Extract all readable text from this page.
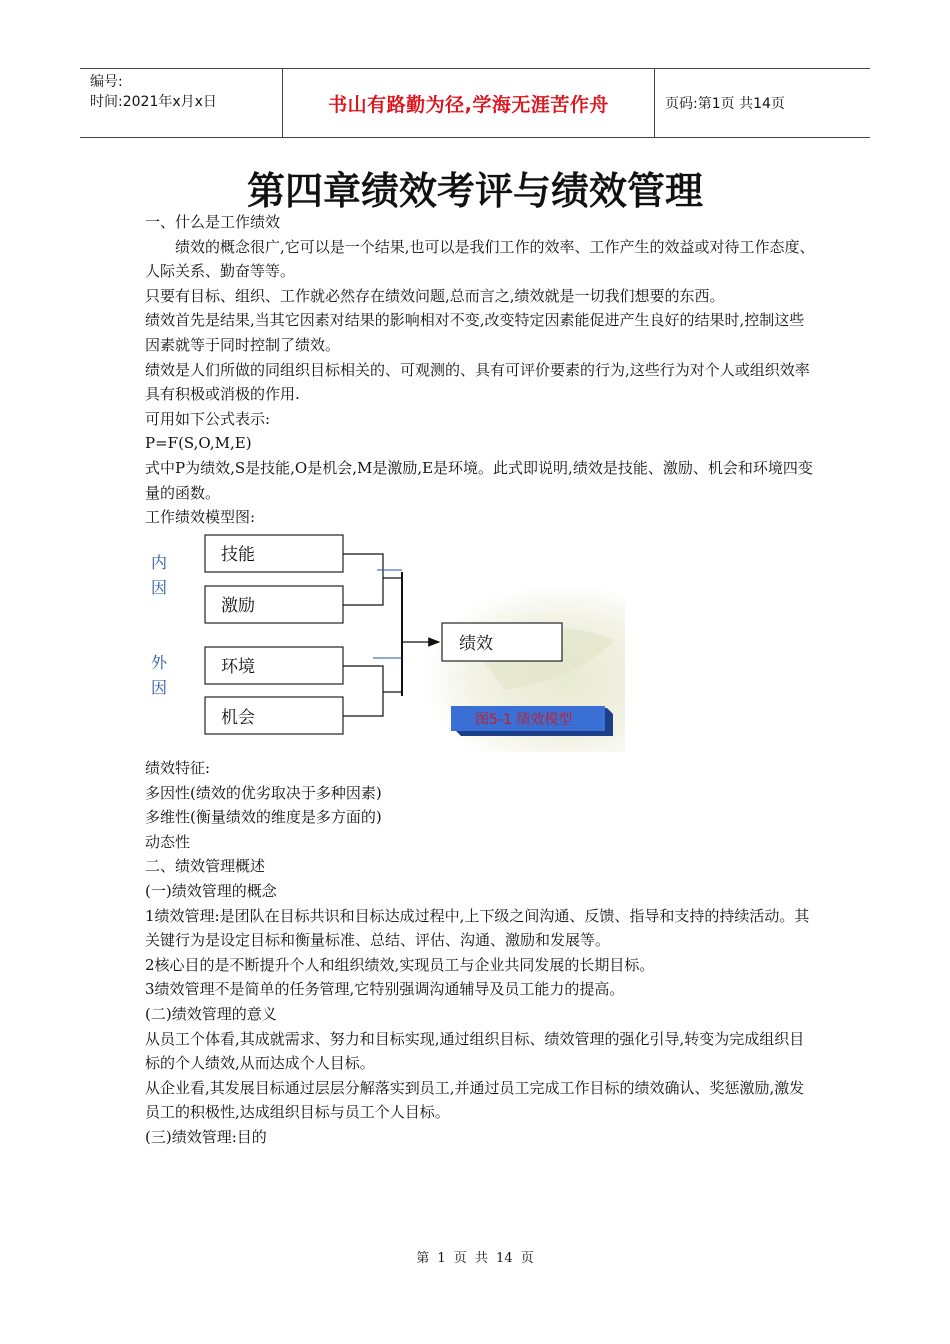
编号:
时间:2021年x月x日	书山有路勤为径,学海无涯苦作舟	页码:第1页 共14页
第四章绩效考评与绩效管理

一、什么是工作绩效

绩效的概念很广,它可以是一个结果,也可以是我们工作的效率、工作产生的效益或对待工作态度、人际关系、勤奋等等。

只要有目标、组织、工作就必然存在绩效问题,总而言之,绩效就是一切我们想要的东西。

绩效首先是结果,当其它因素对结果的影响相对不变,改变特定因素能促进产生良好的结果时,控制这些因素就等于同时控制了绩效。

绩效是人们所做的同组织目标相关的、可观测的、具有可评价要素的行为,这些行为对个人或组织效率具有积极或消极的作用.

可用如下公式表示:

P=F(S,O,M,E)

式中P为绩效,S是技能,O是机会,M是激励,E是环境。此式即说明,绩效是技能、激励、机会和环境四变量的函数。

工作绩效模型图:

内
因
外
因
技能
激励
环境
机会
绩效
图5-1 绩效模型

绩效特征:

多因性(绩效的优劣取决于多种因素)

多维性(衡量绩效的维度是多方面的)

动态性

二、绩效管理概述

(一)绩效管理的概念

1绩效管理:是团队在目标共识和目标达成过程中,上下级之间沟通、反馈、指导和支持的持续活动。其关键行为是设定目标和衡量标准、总结、评估、沟通、激励和发展等。

2核心目的是不断提升个人和组织绩效,实现员工与企业共同发展的长期目标。

3绩效管理不是简单的任务管理,它特别强调沟通辅导及员工能力的提高。

(二)绩效管理的意义

从员工个体看,其成就需求、努力和目标实现,通过组织目标、绩效管理的强化引导,转变为完成组织目标的个人绩效,从而达成个人目标。

从企业看,其发展目标通过层层分解落实到员工,并通过员工完成工作目标的绩效确认、奖惩激励,激发员工的积极性,达成组织目标与员工个人目标。

(三)绩效管理:目的

第 1 页 共 14 页
